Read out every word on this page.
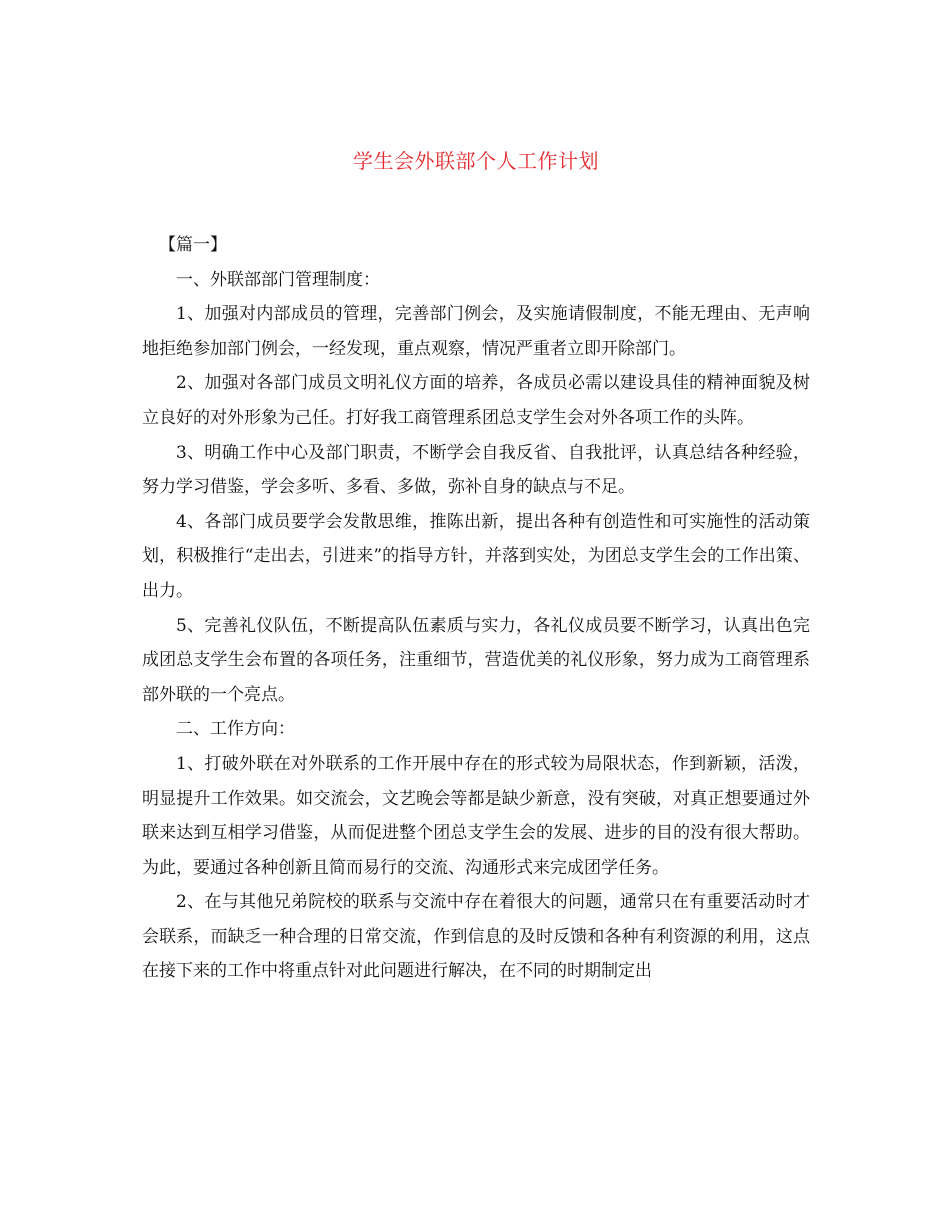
学生会外联部个人工作计划

【篇一】

一、外联部部门管理制度：

1、加强对内部成员的管理，完善部门例会，及实施请假制度，不能无理由、无声响地拒绝参加部门例会，一经发现，重点观察，情况严重者立即开除部门。

2、加强对各部门成员文明礼仪方面的培养，各成员必需以建设具佳的精神面貌及树立良好的对外形象为己任。打好我工商管理系团总支学生会对外各项工作的头阵。

3、明确工作中心及部门职责，不断学会自我反省、自我批评，认真总结各种经验，努力学习借鉴，学会多听、多看、多做，弥补自身的缺点与不足。

4、各部门成员要学会发散思维，推陈出新，提出各种有创造性和可实施性的活动策划，积极推行“走出去，引进来”的指导方针，并落到实处，为团总支学生会的工作出策、出力。

5、完善礼仪队伍，不断提高队伍素质与实力，各礼仪成员要不断学习，认真出色完成团总支学生会布置的各项任务，注重细节，营造优美的礼仪形象，努力成为工商管理系部外联的一个亮点。

二、工作方向：

1、打破外联在对外联系的工作开展中存在的形式较为局限状态，作到新颖，活泼，明显提升工作效果。如交流会，文艺晚会等都是缺少新意，没有突破，对真正想要通过外联来达到互相学习借鉴，从而促进整个团总支学生会的发展、进步的目的没有很大帮助。为此，要通过各种创新且简而易行的交流、沟通形式来完成团学任务。

2、在与其他兄弟院校的联系与交流中存在着很大的问题，通常只在有重要活动时才会联系，而缺乏一种合理的日常交流，作到信息的及时反馈和各种有利资源的利用，这点在接下来的工作中将重点针对此问题进行解决，在不同的时期制定出
